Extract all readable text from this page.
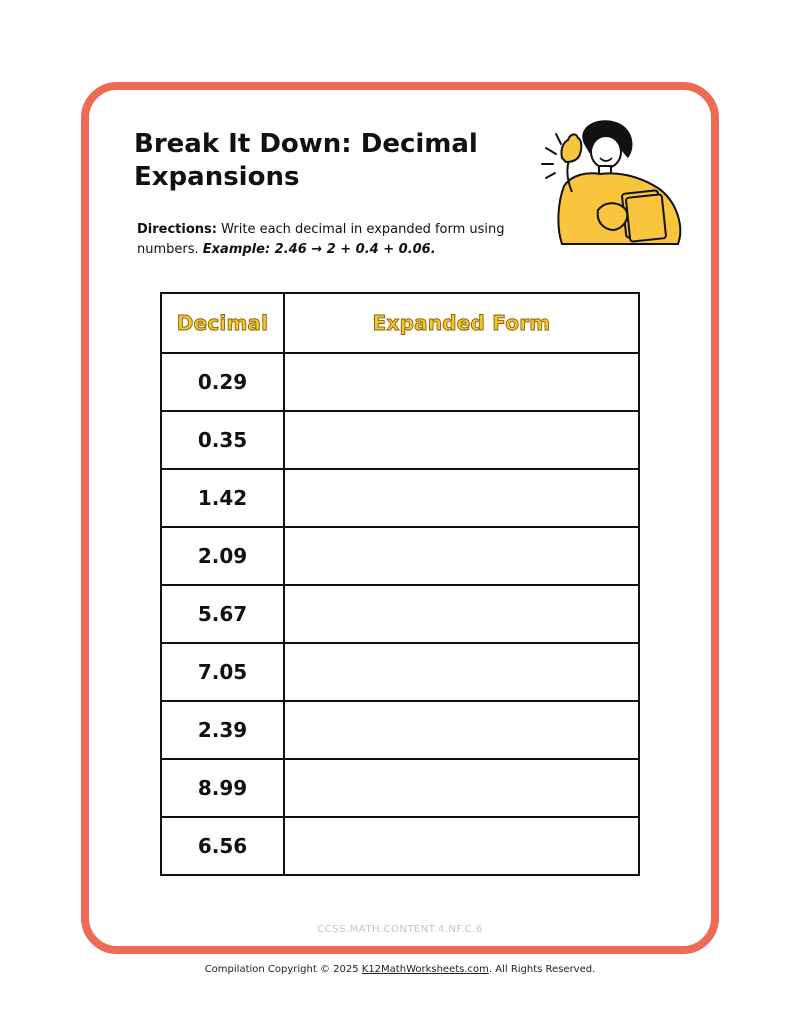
Break It Down: Decimal
Expansions
Directions: Write each decimal in expanded form using numbers. Example: 2.46 → 2 + 0.4 + 0.06.
Decimal	Expanded Form
0.29	
0.35	
1.42	
2.09	
5.67	
7.05	
2.39	
8.99	
6.56	
CCSS.MATH.CONTENT.4.NF.C.6
Compilation Copyright © 2025 K12MathWorksheets.com. All Rights Reserved.
